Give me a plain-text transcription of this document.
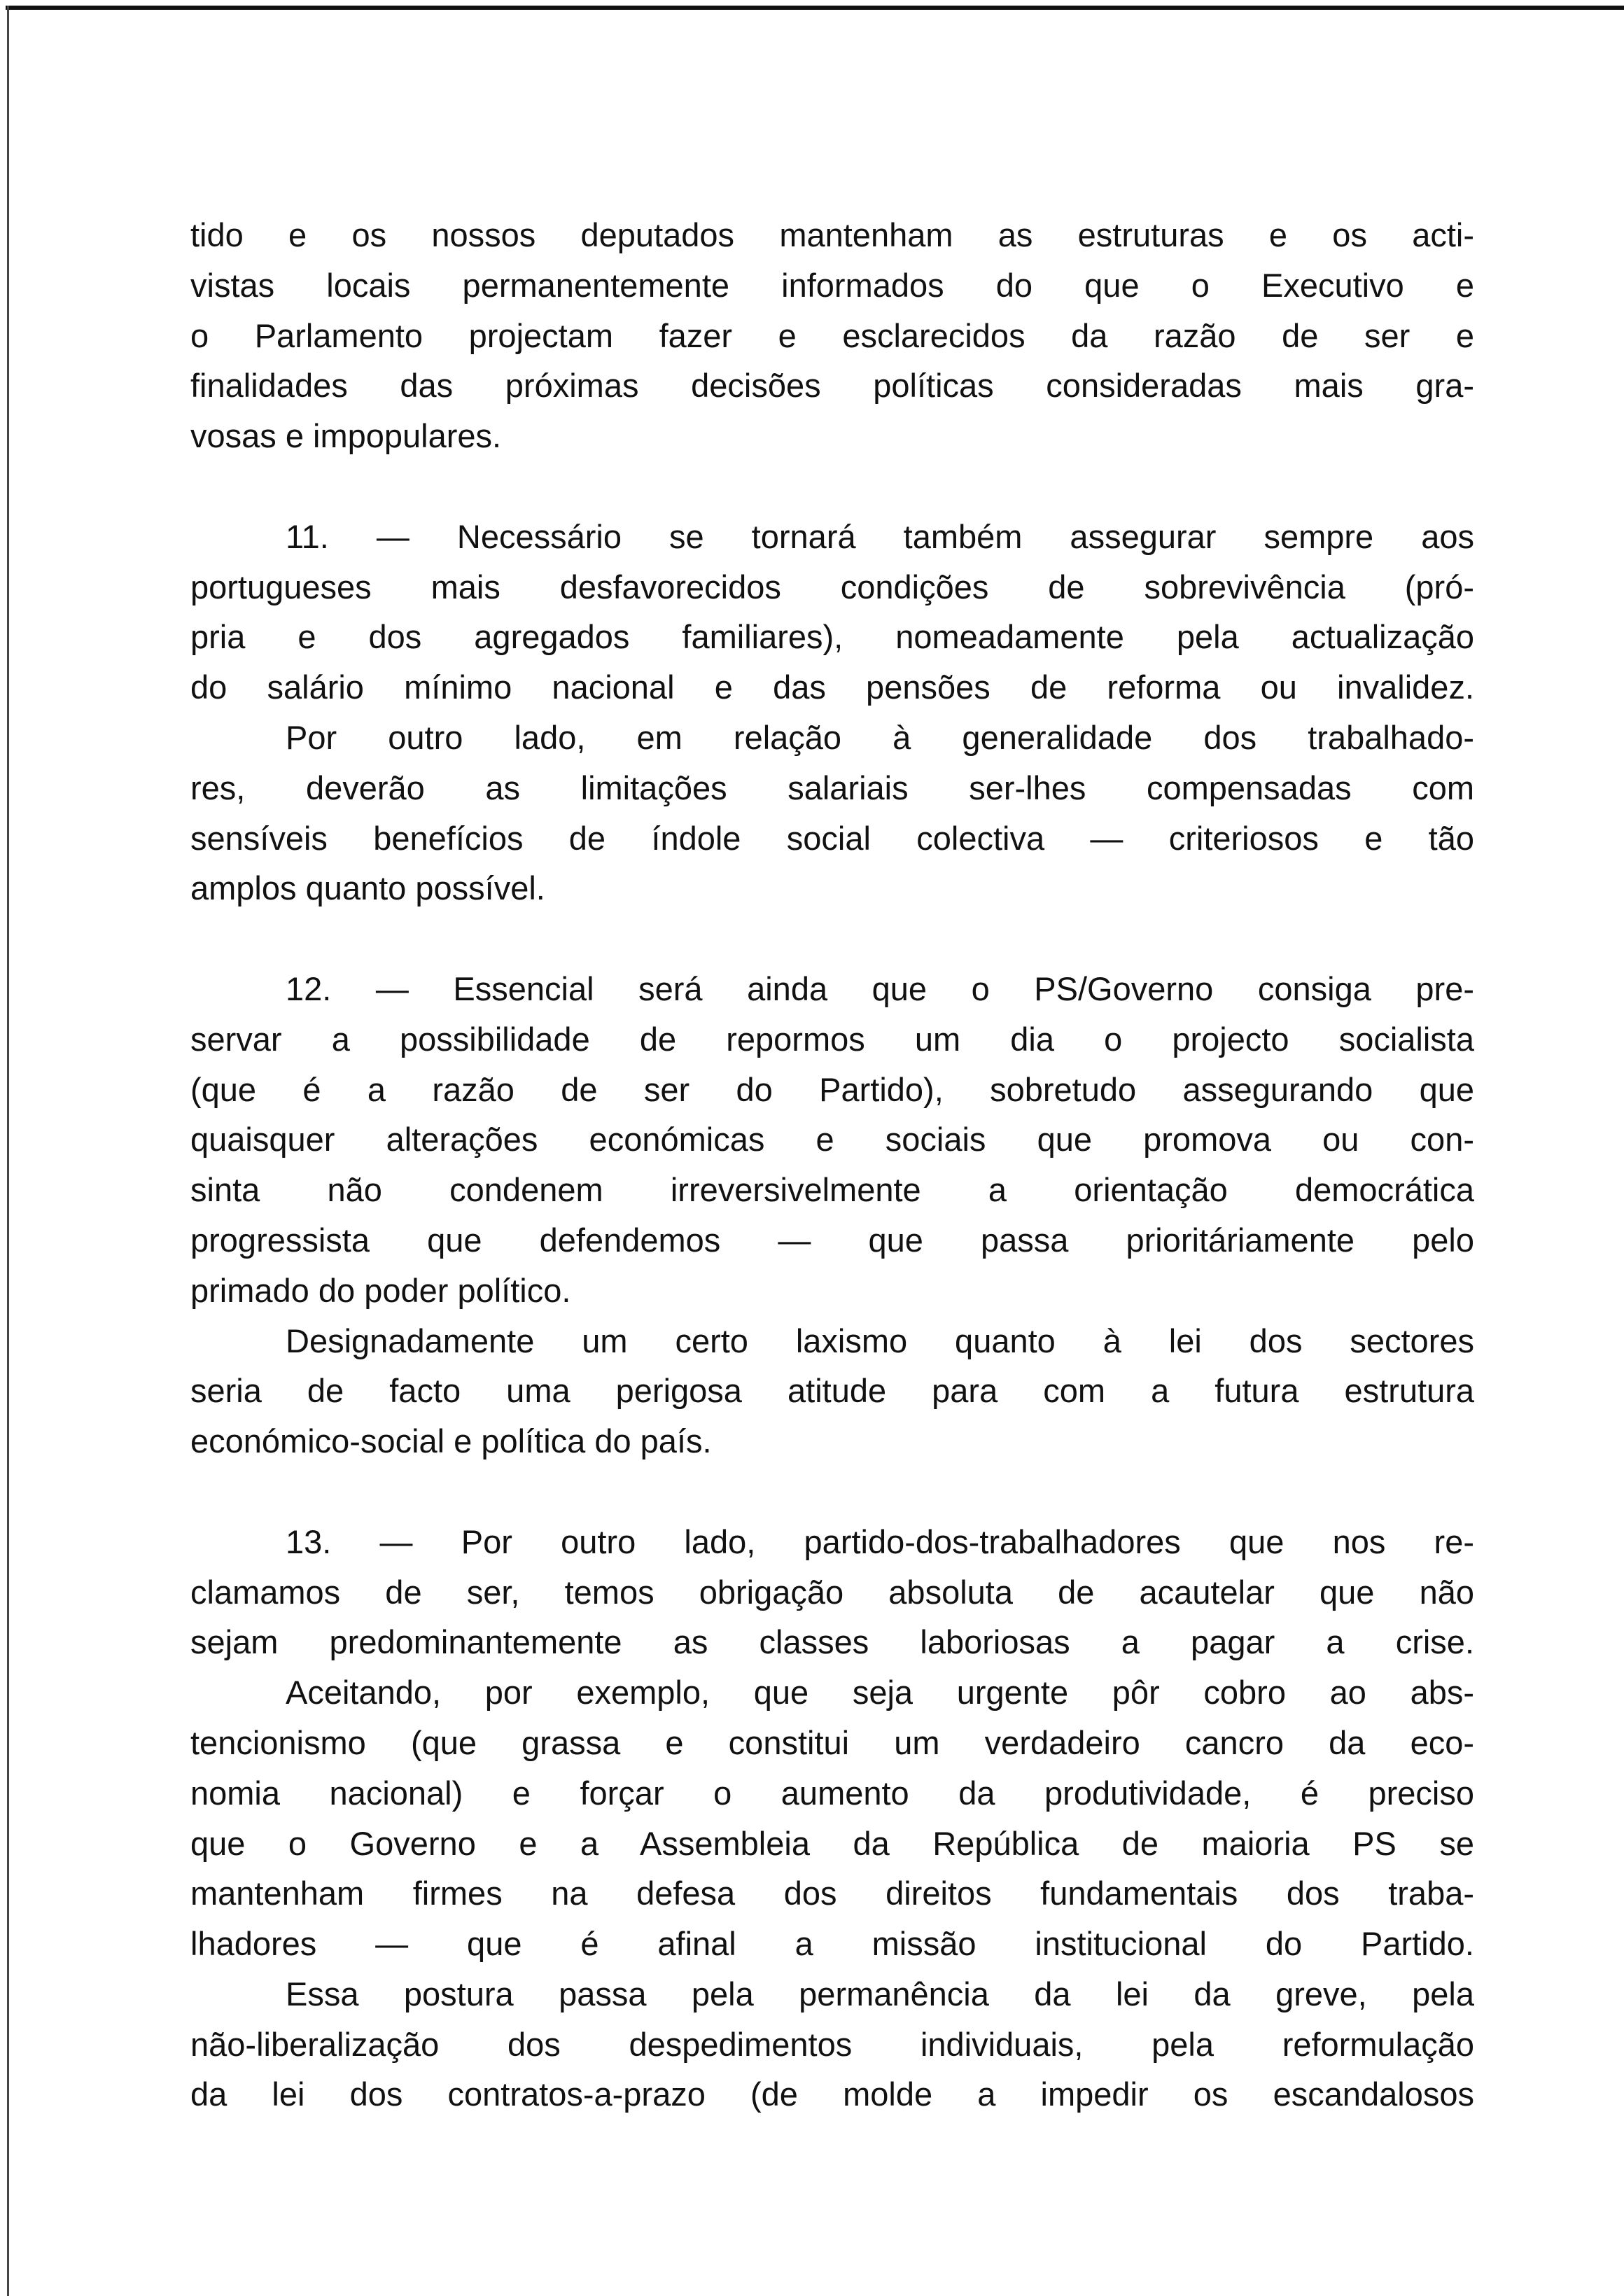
tido e os nossos deputados mantenham as estruturas e os acti-
vistas locais permanentemente informados do que o Executivo e
o Parlamento projectam fazer e esclarecidos da razão de ser e
finalidades das próximas decisões políticas consideradas mais gra-
vosas e impopulares.
11. — Necessário se tornará também assegurar sempre aos
portugueses mais desfavorecidos condições de sobrevivência (pró-
pria e dos agregados familiares), nomeadamente pela actualização
do salário mínimo nacional e das pensões de reforma ou invalidez.
Por outro lado, em relação à generalidade dos trabalhado-
res, deverão as limitações salariais ser-lhes compensadas com
sensíveis benefícios de índole social colectiva — criteriosos e tão
amplos quanto possível.
12. — Essencial será ainda que o PS/Governo consiga pre-
servar a possibilidade de repormos um dia o projecto socialista
(que é a razão de ser do Partido), sobretudo assegurando que
quaisquer alterações económicas e sociais que promova ou con-
sinta não condenem irreversivelmente a orientação democrática
progressista que defendemos — que passa prioritáriamente pelo
primado do poder político.
Designadamente um certo laxismo quanto à lei dos sectores
seria de facto uma perigosa atitude para com a futura estrutura
económico-social e política do país.
13. — Por outro lado, partido-dos-trabalhadores que nos re-
clamamos de ser, temos obrigação absoluta de acautelar que não
sejam predominantemente as classes laboriosas a pagar a crise.
Aceitando, por exemplo, que seja urgente pôr cobro ao abs-
tencionismo (que grassa e constitui um verdadeiro cancro da eco-
nomia nacional) e forçar o aumento da produtividade, é preciso
que o Governo e a Assembleia da República de maioria PS se
mantenham firmes na defesa dos direitos fundamentais dos traba-
lhadores — que é afinal a missão institucional do Partido.
Essa postura passa pela permanência da lei da greve, pela
não-liberalização dos despedimentos individuais, pela reformulação
da lei dos contratos-a-prazo (de molde a impedir os escandalosos
